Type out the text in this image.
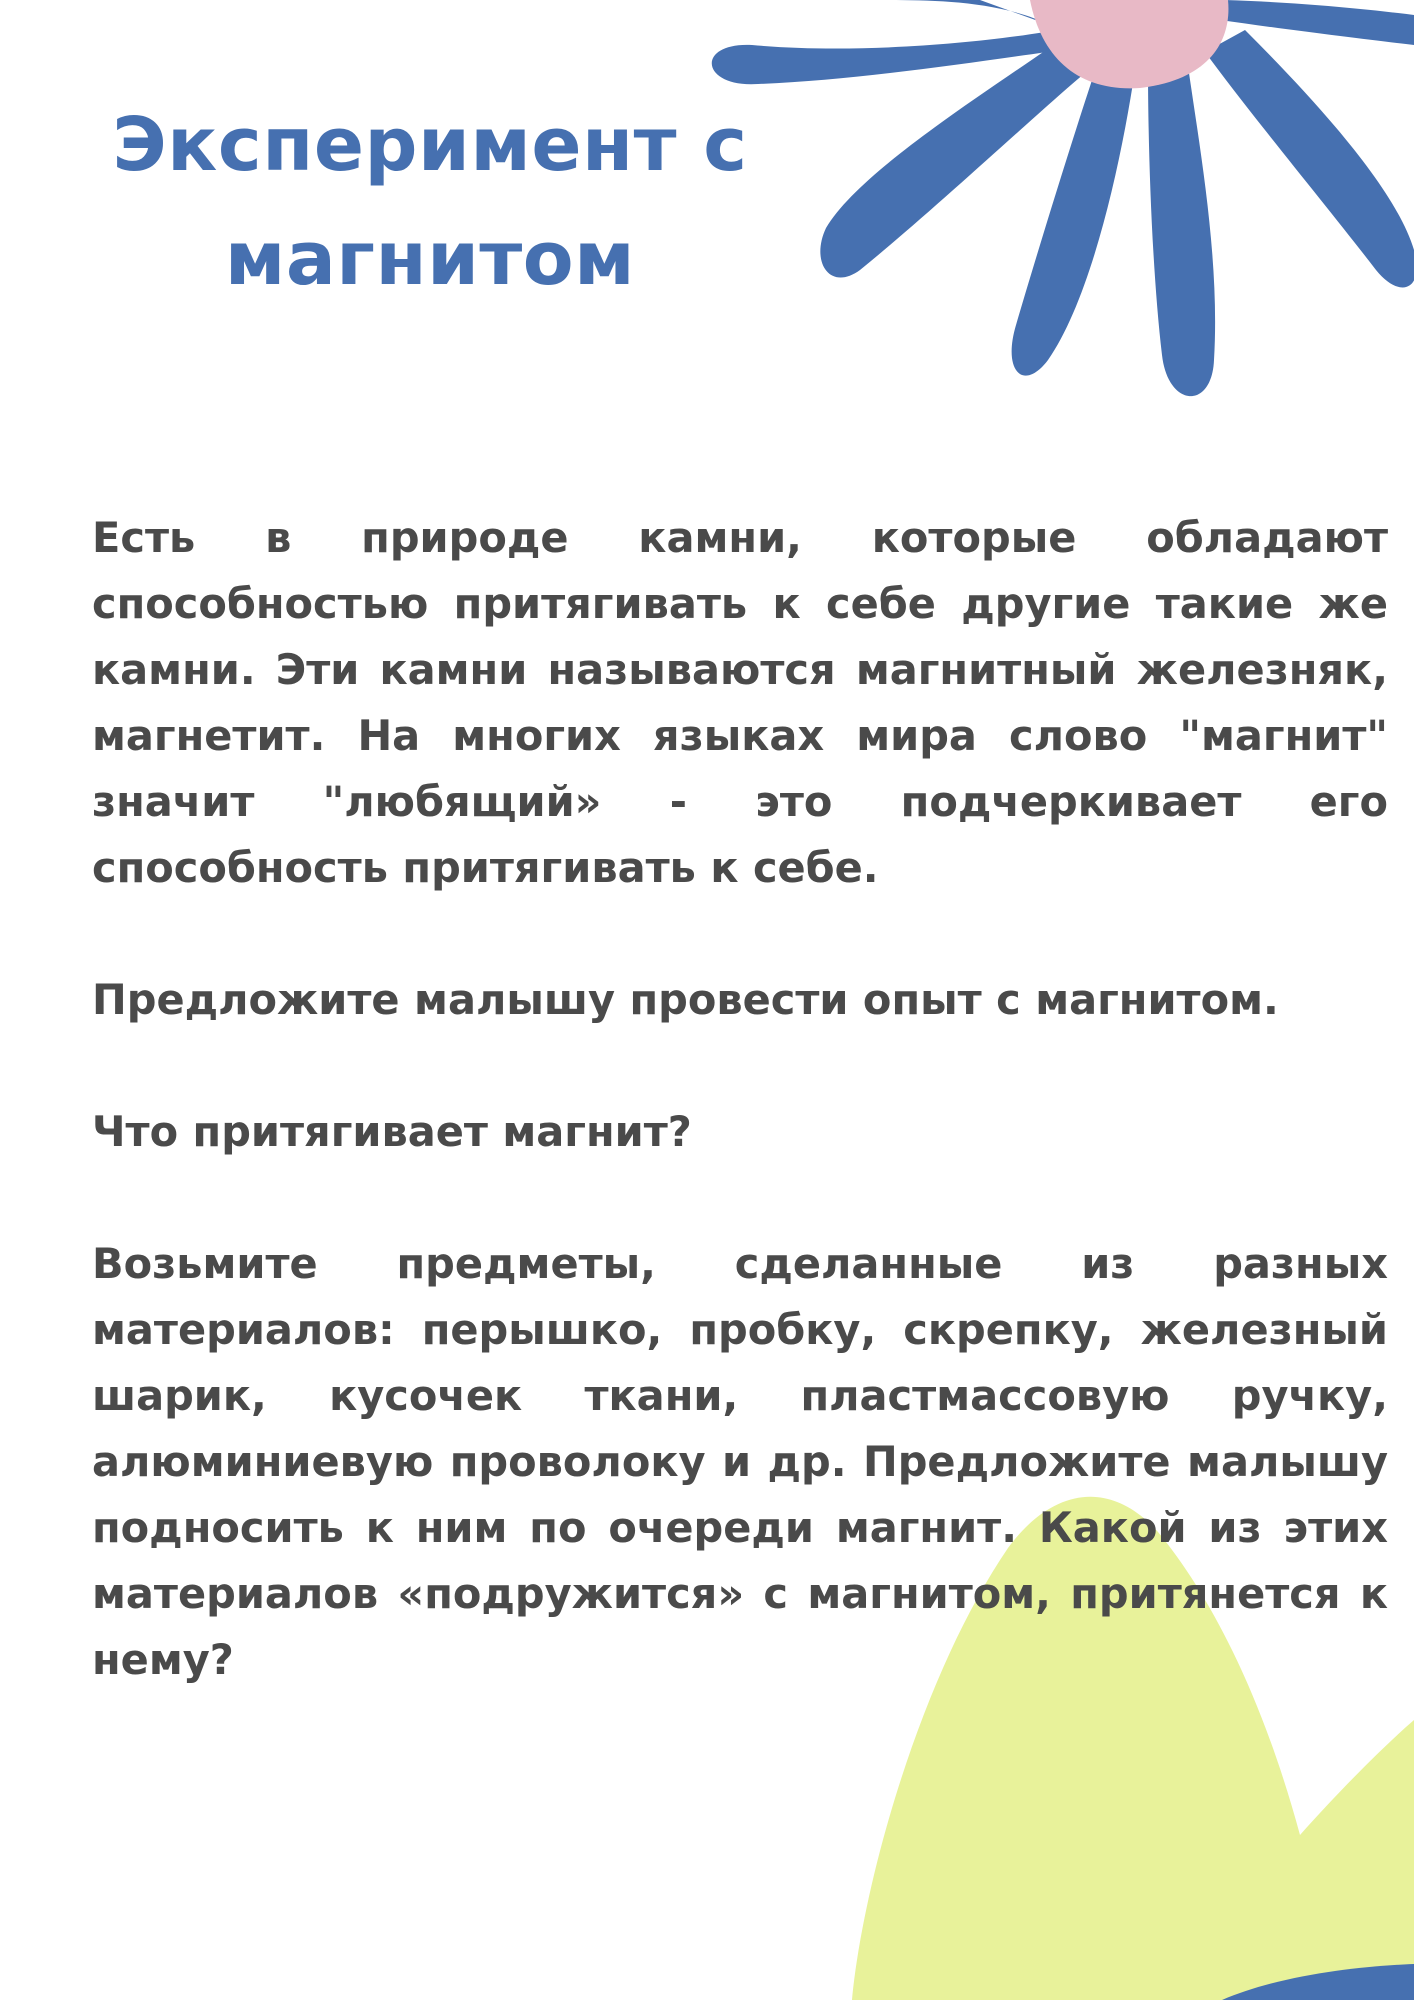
Эксперимент с
магнитом

Есть в природе камни, которые обладают способностью притягивать к себе другие такие же камни. Эти камни называются магнитный железняк, магнетит. На многих языках мира слово "магнит" значит "любящий» - это подчеркивает его способность притягивать к себе.

Предложите малышу провести опыт с магнитом.

Что притягивает магнит?

Возьмите предметы, сделанные из разных материалов: перышко, пробку, скрепку, железный шарик, кусочек ткани, пластмассовую ручку, алюминиевую проволоку и др. Предложите малышу подносить к ним по очереди магнит. Какой из этих материалов «подружится» с магнитом, притянется к нему?
